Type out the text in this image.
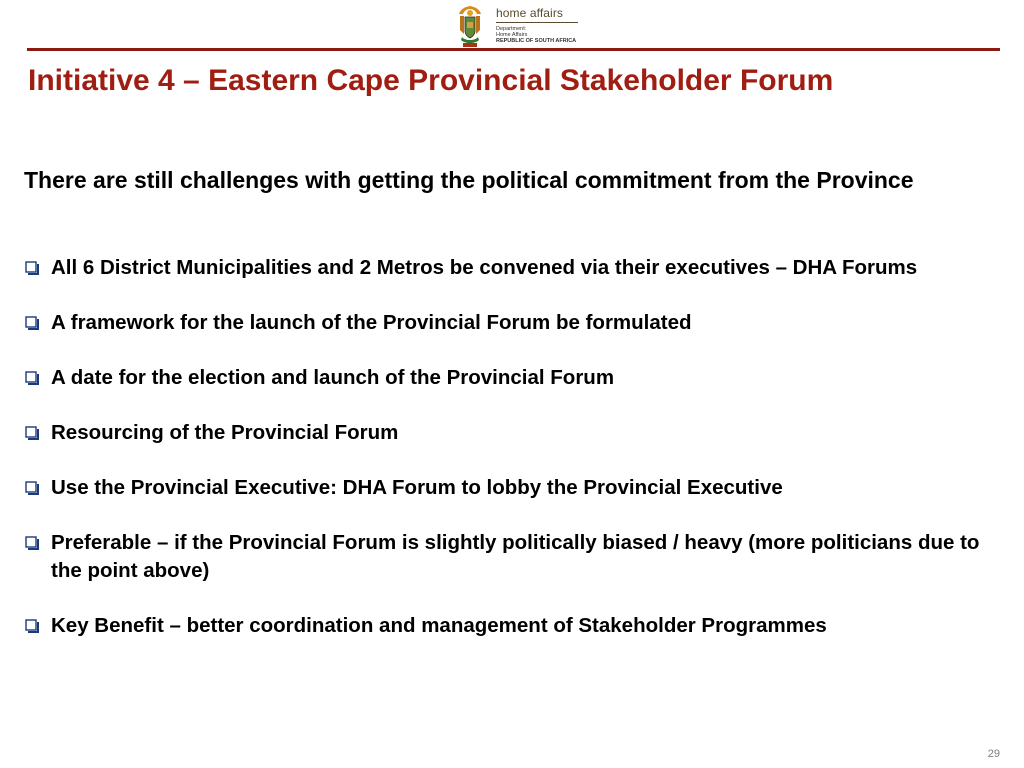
home affairs
Department:
Home Affairs
REPUBLIC OF SOUTH AFRICA
Initiative 4 – Eastern Cape Provincial Stakeholder Forum

There are still challenges with getting the political commitment from the Province

All 6 District Municipalities and 2 Metros be convened via their executives – DHA Forums
A framework for the launch of the Provincial Forum be formulated
A date for the election and launch of the Provincial Forum
Resourcing of the Provincial Forum
Use the Provincial Executive: DHA Forum to lobby the Provincial Executive
Preferable – if the Provincial Forum is slightly politically biased / heavy (more politicians due to the point above)
Key Benefit – better coordination and management of Stakeholder Programmes
29
